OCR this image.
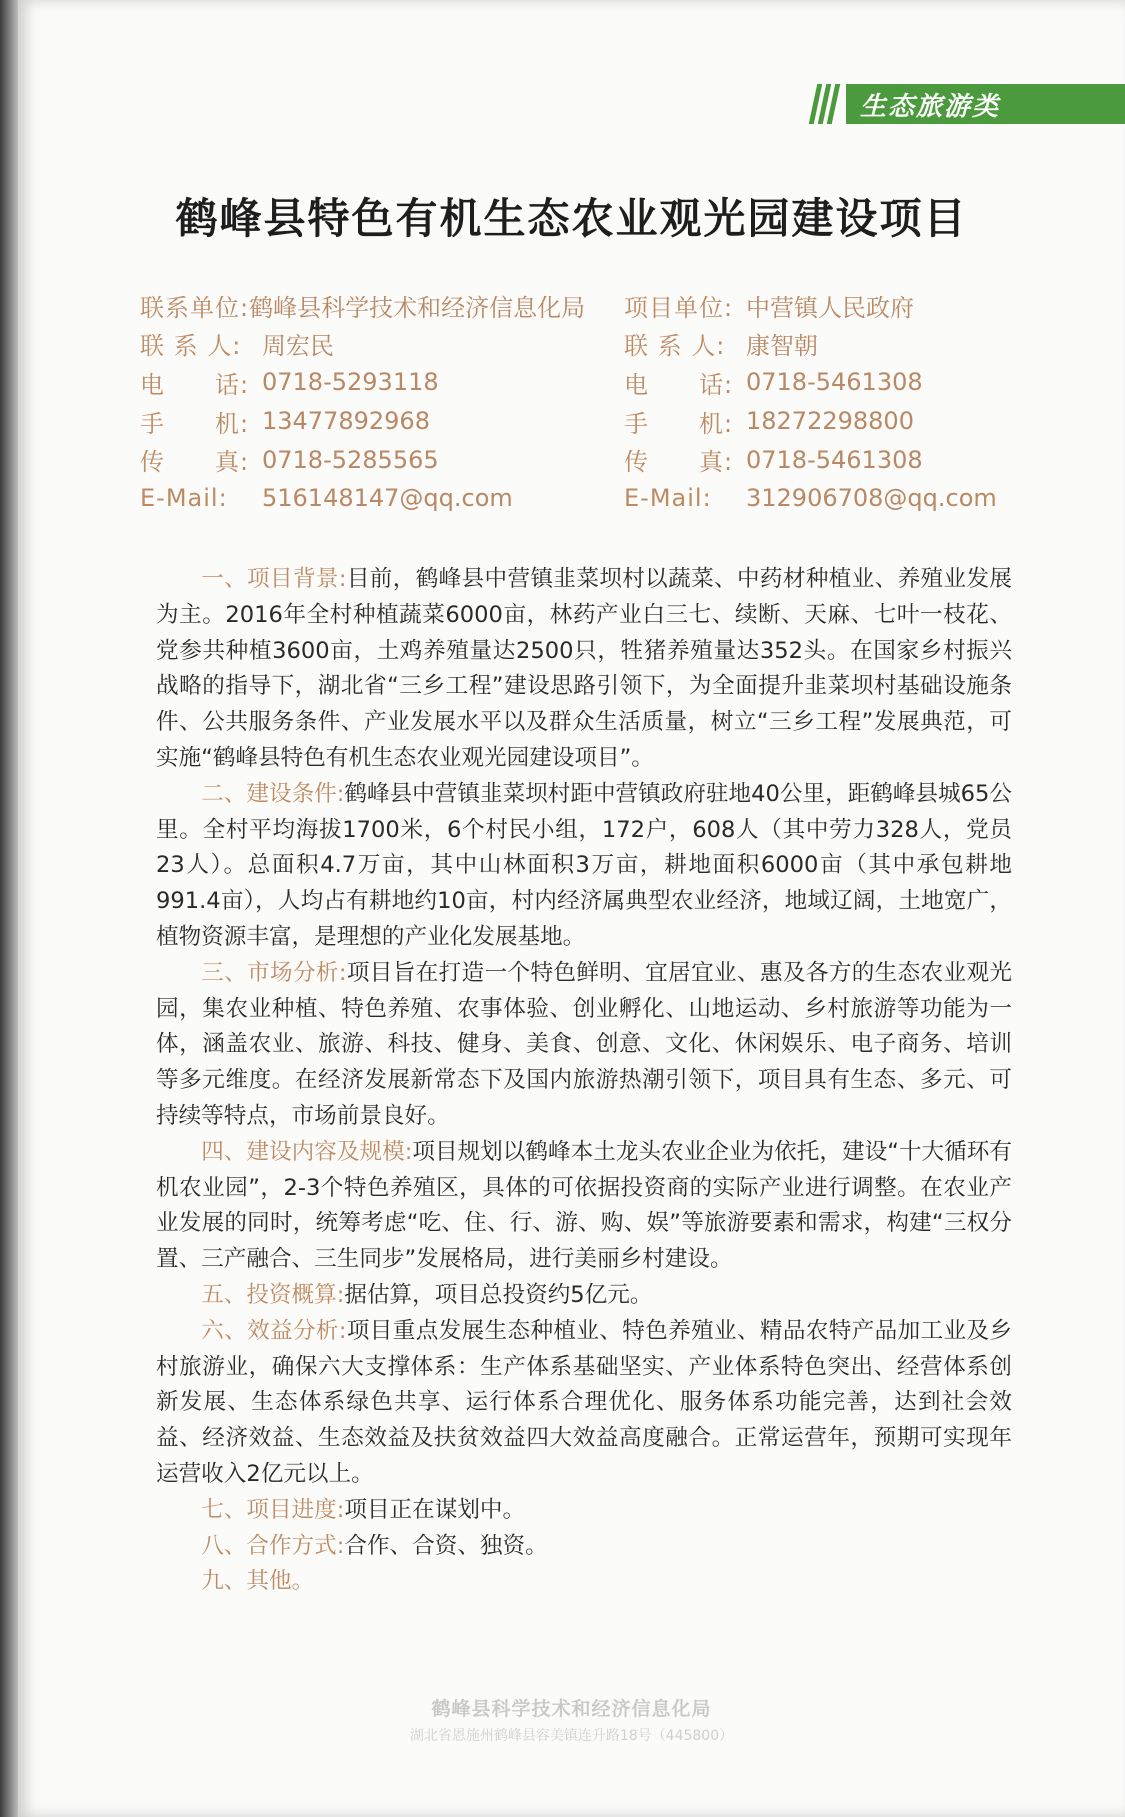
生态旅游类
鹤峰县特色有机生态农业观光园建设项目
联系单位: 鹤峰县科学技术和经济信息化局
联 系 人: 周宏民
电　　话: 0718-5293118
手　　机: 13477892968
传　　真: 0718-5285565
E-Mail:	516148147@qq.com
项目单位: 中营镇人民政府
联 系 人: 康智朝
电　　话: 0718-5461308
手　　机: 18272298800
传　　真: 0718-5461308
E-Mail:	312906708@qq.com

一、项目背景:目前，鹤峰县中营镇韭菜坝村以蔬菜、中药材种植业、养殖业发展为主。2016年全村种植蔬菜6000亩，林药产业白三七、续断、天麻、七叶一枝花、党参共种植3600亩，土鸡养殖量达2500只，牲猪养殖量达352头。在国家乡村振兴战略的指导下，湖北省“三乡工程”建设思路引领下，为全面提升韭菜坝村基础设施条件、公共服务条件、产业发展水平以及群众生活质量，树立“三乡工程”发展典范，可实施“鹤峰县特色有机生态农业观光园建设项目”。

二、建设条件:鹤峰县中营镇韭菜坝村距中营镇政府驻地40公里，距鹤峰县城65公里。全村平均海拔1700米，6个村民小组，172户，608人（其中劳力328人，党员23人）。总面积4.7万亩，其中山林面积3万亩，耕地面积6000亩（其中承包耕地991.4亩），人均占有耕地约10亩，村内经济属典型农业经济，地域辽阔，土地宽广，植物资源丰富，是理想的产业化发展基地。

三、市场分析:项目旨在打造一个特色鲜明、宜居宜业、惠及各方的生态农业观光园，集农业种植、特色养殖、农事体验、创业孵化、山地运动、乡村旅游等功能为一体，涵盖农业、旅游、科技、健身、美食、创意、文化、休闲娱乐、电子商务、培训等多元维度。在经济发展新常态下及国内旅游热潮引领下，项目具有生态、多元、可持续等特点，市场前景良好。

四、建设内容及规模:项目规划以鹤峰本土龙头农业企业为依托，建设“十大循环有机农业园”，2-3个特色养殖区，具体的可依据投资商的实际产业进行调整。在农业产业发展的同时，统筹考虑“吃、住、行、游、购、娱”等旅游要素和需求，构建“三权分置、三产融合、三生同步”发展格局，进行美丽乡村建设。

五、投资概算:据估算，项目总投资约5亿元。

六、效益分析:项目重点发展生态种植业、特色养殖业、精品农特产品加工业及乡村旅游业，确保六大支撑体系：生产体系基础坚实、产业体系特色突出、经营体系创新发展、生态体系绿色共享、运行体系合理优化、服务体系功能完善，达到社会效益、经济效益、生态效益及扶贫效益四大效益高度融合。正常运营年，预期可实现年运营收入2亿元以上。

七、项目进度:项目正在谋划中。

八、合作方式:合作、合资、独资。

九、其他。

鹤峰县科学技术和经济信息化局
湖北省恩施州鹤峰县容美镇连升路18号（445800）
